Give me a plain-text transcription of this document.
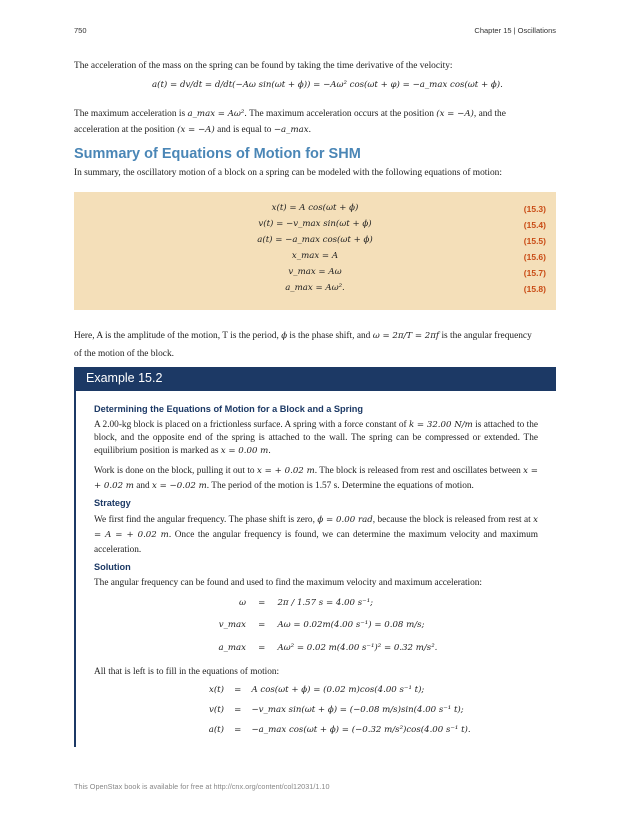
750	Chapter 15 | Oscillations
The acceleration of the mass on the spring can be found by taking the time derivative of the velocity:
a(t) = dv/dt = d/dt(−Aω sin(ωt + ϕ)) = −Aω² cos(ωt + φ) = −a_max cos(ωt + ϕ).
The maximum acceleration is a_max = Aω². The maximum acceleration occurs at the position (x = −A), and the
acceleration at the position (x = −A) and is equal to −a_max.
Summary of Equations of Motion for SHM
In summary, the oscillatory motion of a block on a spring can be modeled with the following equations of motion:
x(t) = A cos(ωt + ϕ)	(15.3)
v(t) = −v_max sin(ωt + ϕ)	(15.4)
a(t) = −a_max cos(ωt + ϕ)	(15.5)
x_max = A	(15.6)
v_max = Aω	(15.7)
a_max = Aω².	(15.8)
Here, A is the amplitude of the motion, T is the period, ϕ is the phase shift, and ω = 2π/T = 2πf is the angular frequency
of the motion of the block.
Example 15.2
Determining the Equations of Motion for a Block and a Spring
A 2.00-kg block is placed on a frictionless surface. A spring with a force constant of k = 32.00 N/m is attached to the block, and the opposite end of the spring is attached to the wall. The spring can be compressed or extended. The equilibrium position is marked as x = 0.00 m.
Work is done on the block, pulling it out to x = + 0.02 m. The block is released from rest and oscillates between x = + 0.02 m and x = −0.02 m. The period of the motion is 1.57 s. Determine the equations of motion.
Strategy
We first find the angular frequency. The phase shift is zero, ϕ = 0.00 rad, because the block is released from rest at x = A = + 0.02 m. Once the angular frequency is found, we can determine the maximum velocity and maximum acceleration.
Solution
The angular frequency can be found and used to find the maximum velocity and maximum acceleration:
ω = 2π / 1.57 s = 4.00 s⁻¹;
v_max = Aω = 0.02m(4.00 s⁻¹) = 0.08 m/s;
a_max = Aω² = 0.02 m(4.00 s⁻¹)² = 0.32 m/s².
All that is left is to fill in the equations of motion:
x(t) = A cos(ωt + ϕ) = (0.02 m)cos(4.00 s⁻¹ t);
v(t) = −v_max sin(ωt + ϕ) = (−0.08 m/s)sin(4.00 s⁻¹ t);
a(t) = −a_max cos(ωt + ϕ) = (−0.32 m/s²)cos(4.00 s⁻¹ t).
This OpenStax book is available for free at http://cnx.org/content/col12031/1.10
